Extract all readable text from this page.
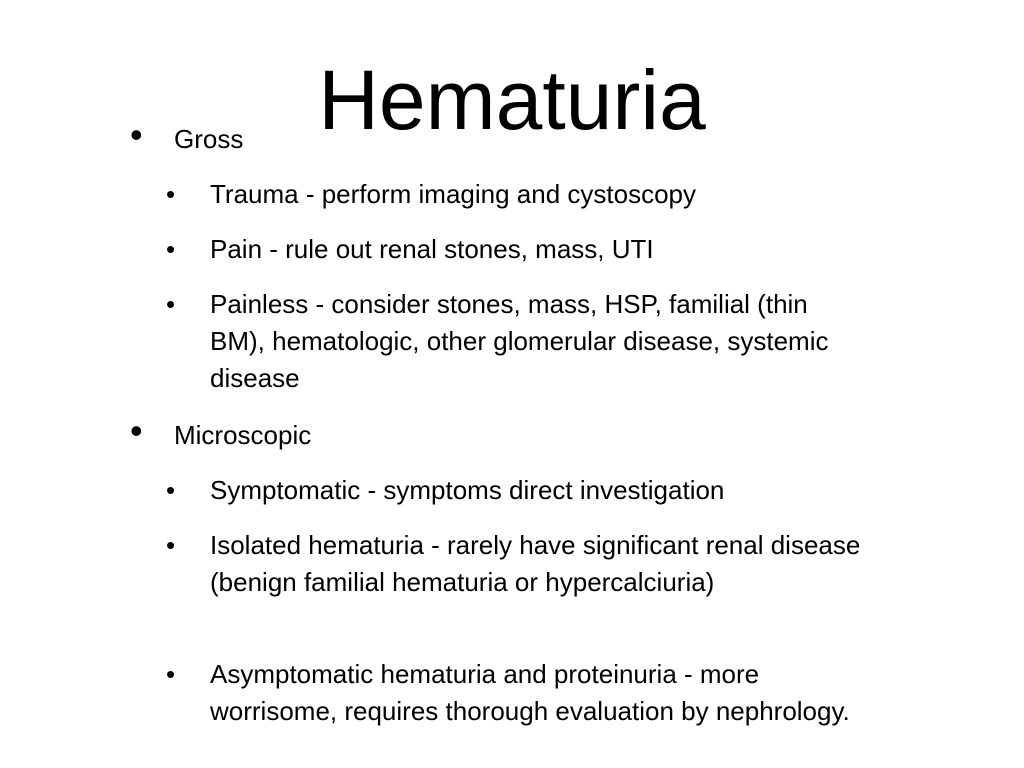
Hematuria
• Gross
• Trauma - perform imaging and cystoscopy
• Pain - rule out renal stones, mass, UTI
• Painless - consider stones, mass, HSP, familial (thin BM), hematologic, other glomerular disease, systemic disease
• Microscopic
• Symptomatic - symptoms direct investigation
• Isolated hematuria - rarely have significant renal disease (benign familial hematuria or hypercalciuria)
• Asymptomatic hematuria and proteinuria - more worrisome, requires thorough evaluation by nephrology.
